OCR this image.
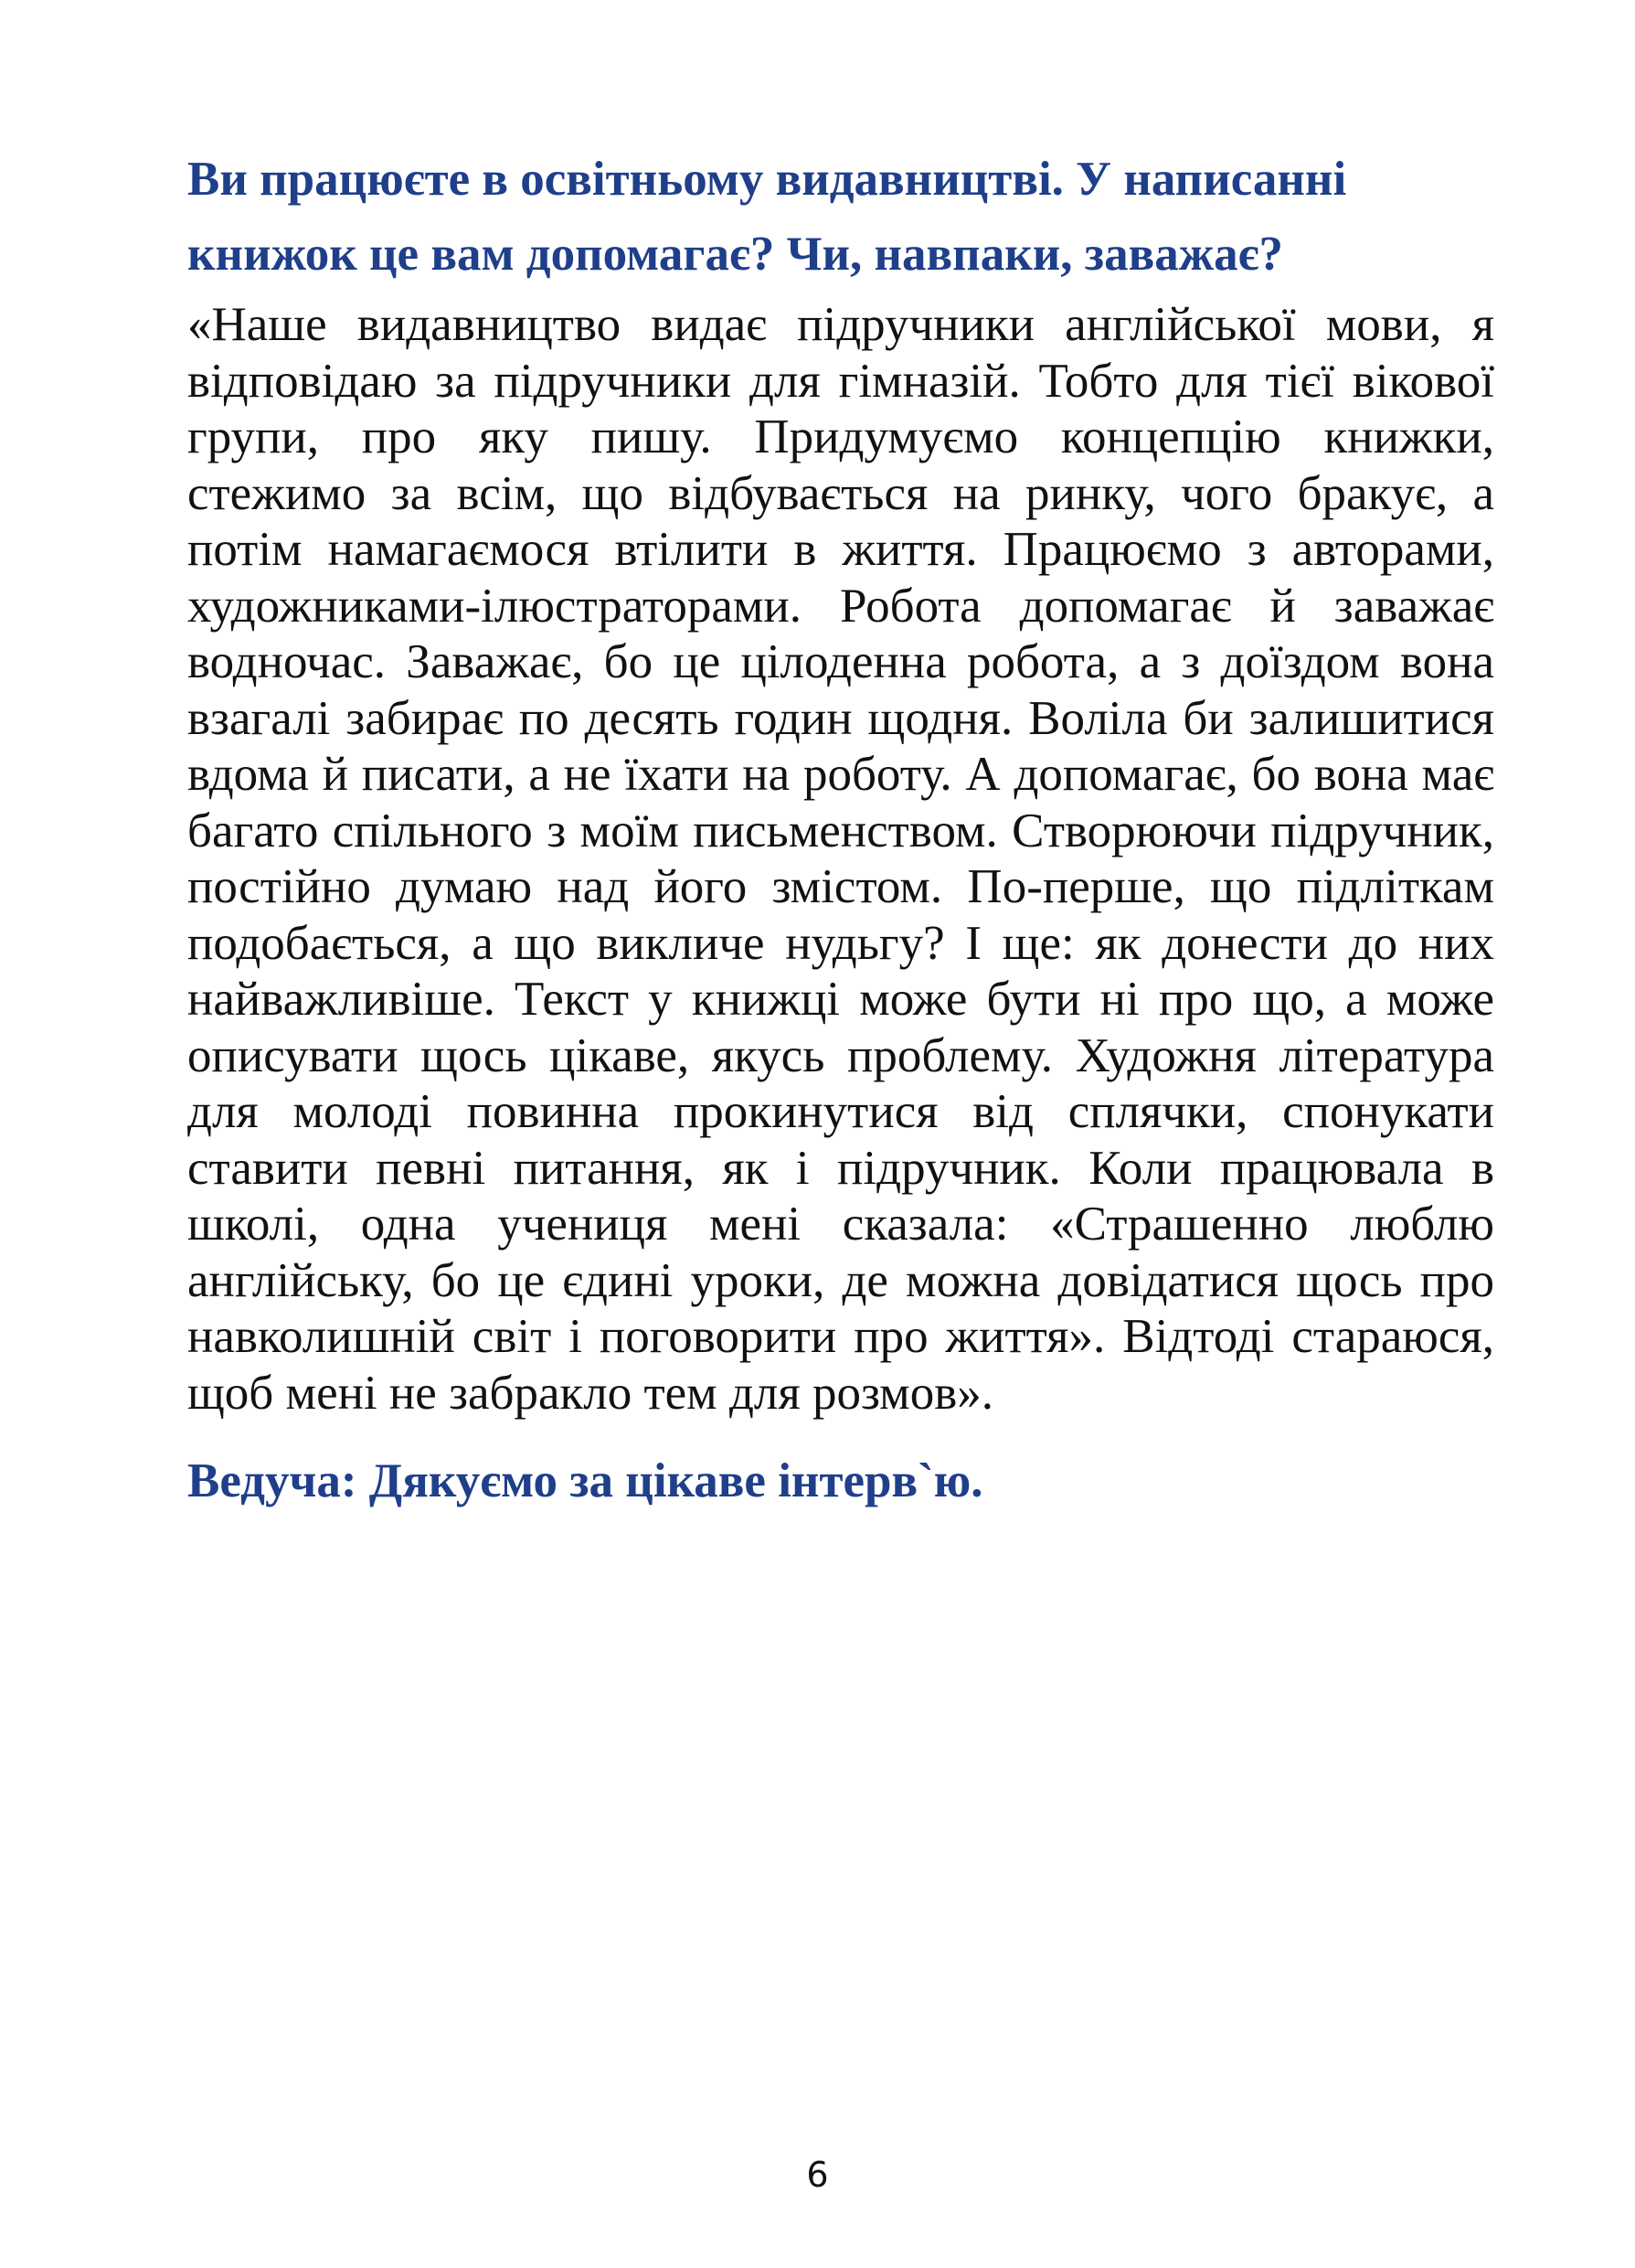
Ви працюєте в освітньому видавництві. У написанні книжок це вам допомагає? Чи, навпаки, заважає?

«Наше видавництво видає підручники англійської мови, я відповідаю за підручники для гімназій. Тобто для тієї вікової групи, про яку пишу. Придумуємо концепцію книжки, стежимо за всім, що відбувається на ринку, чого бракує, а потім намагаємося втілити в життя. Працюємо з авторами, художниками-ілюстраторами. Робота допомагає й заважає водночас. Заважає, бо це цілоденна робота, а з доїздом вона взагалі забирає по десять годин щодня. Воліла би залишитися вдома й писати, а не їхати на роботу. А допомагає, бо вона має багато спільного з моїм письменством. Створюючи підручник, постійно думаю над його змістом. По-перше, що підліткам подобається, а що викличе нудьгу? І ще: як донести до них найважливіше. Текст у книжці може бути ні про що, а може описувати щось цікаве, якусь проблему. Художня література для молоді повинна прокинутися від сплячки, спонукати ставити певні питання, як і підручник. Коли працювала в школі, одна учениця мені сказала: «Страшенно люблю англійську, бо це єдині уроки, де можна довідатися щось про навколишній світ і поговорити про життя». Відтоді стараюся, щоб мені не забракло тем для розмов».

Ведуча: Дякуємо за цікаве інтерв`ю.

6
